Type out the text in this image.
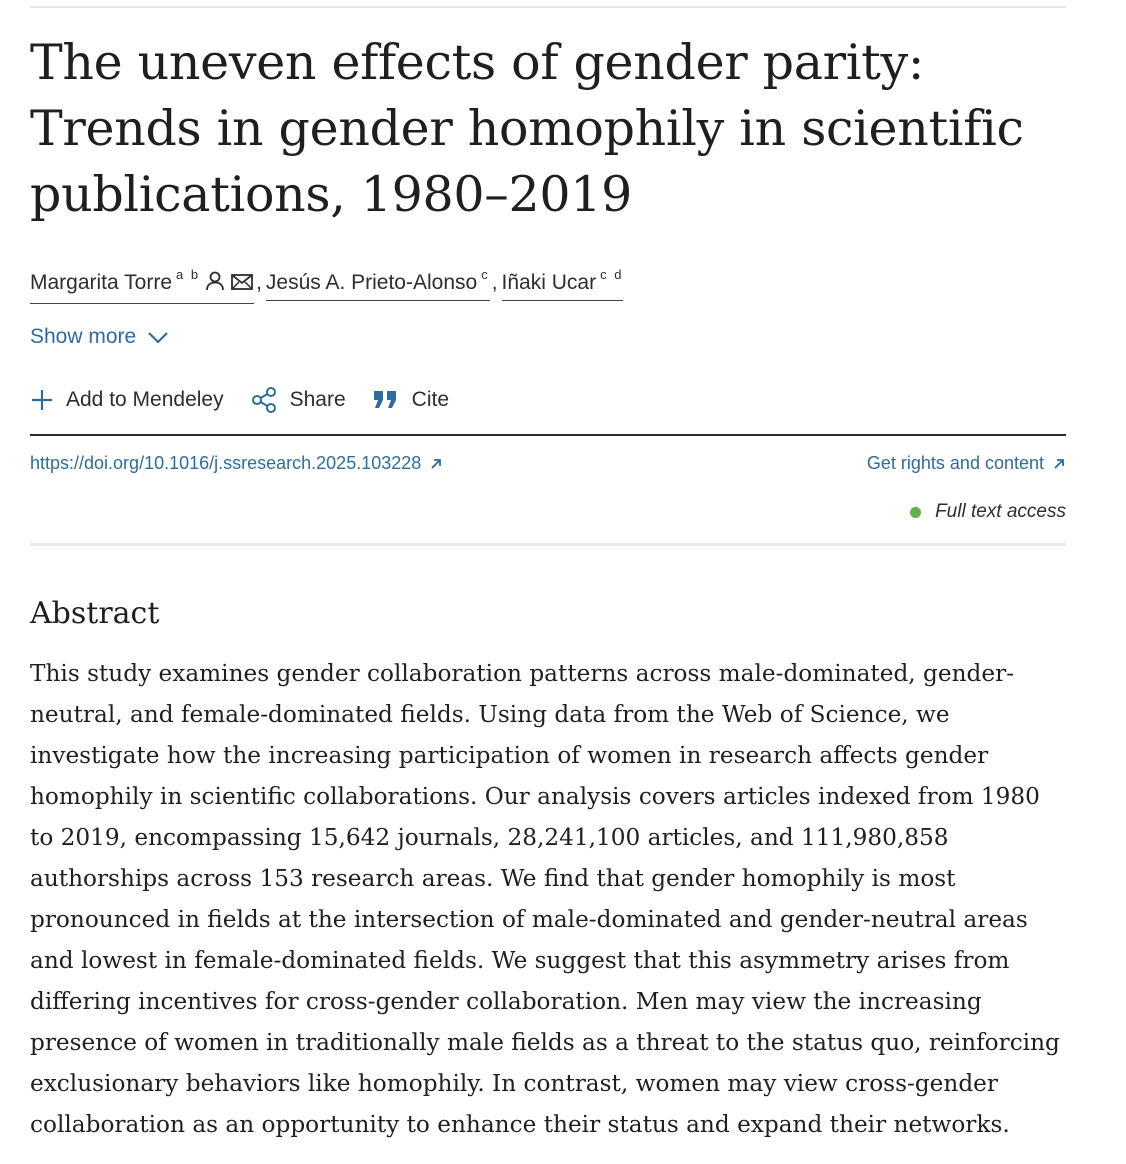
The uneven effects of gender parity: Trends in gender homophily in scientific publications, 1980–2019
Margarita Torre $^{a b}$	, Jesús A. Prieto-Alonso $^c$, Iñaki Ucar $^{c d}$
Show more
Add to Mendeley	Share	Cite
https://doi.org/10.1016/j.ssresearch.2025.103228	Get rights and content
Full text access
Abstract

This study examines gender collaboration patterns across male-dominated, gender-neutral, and female-dominated fields. Using data from the Web of Science, we investigate how the increasing participation of women in research affects gender homophily in scientific collaborations. Our analysis covers articles indexed from 1980 to 2019, encompassing 15,642 journals, 28,241,100 articles, and 111,980,858 authorships across 153 research areas. We find that gender homophily is most pronounced in fields at the intersection of male-dominated and gender-neutral areas and lowest in female-dominated fields. We suggest that this asymmetry arises from differing incentives for cross-gender collaboration. Men may view the increasing presence of women in traditionally male fields as a threat to the status quo, reinforcing exclusionary behaviors like homophily. In contrast, women may view cross-gender collaboration as an opportunity to enhance their status and expand their networks.
